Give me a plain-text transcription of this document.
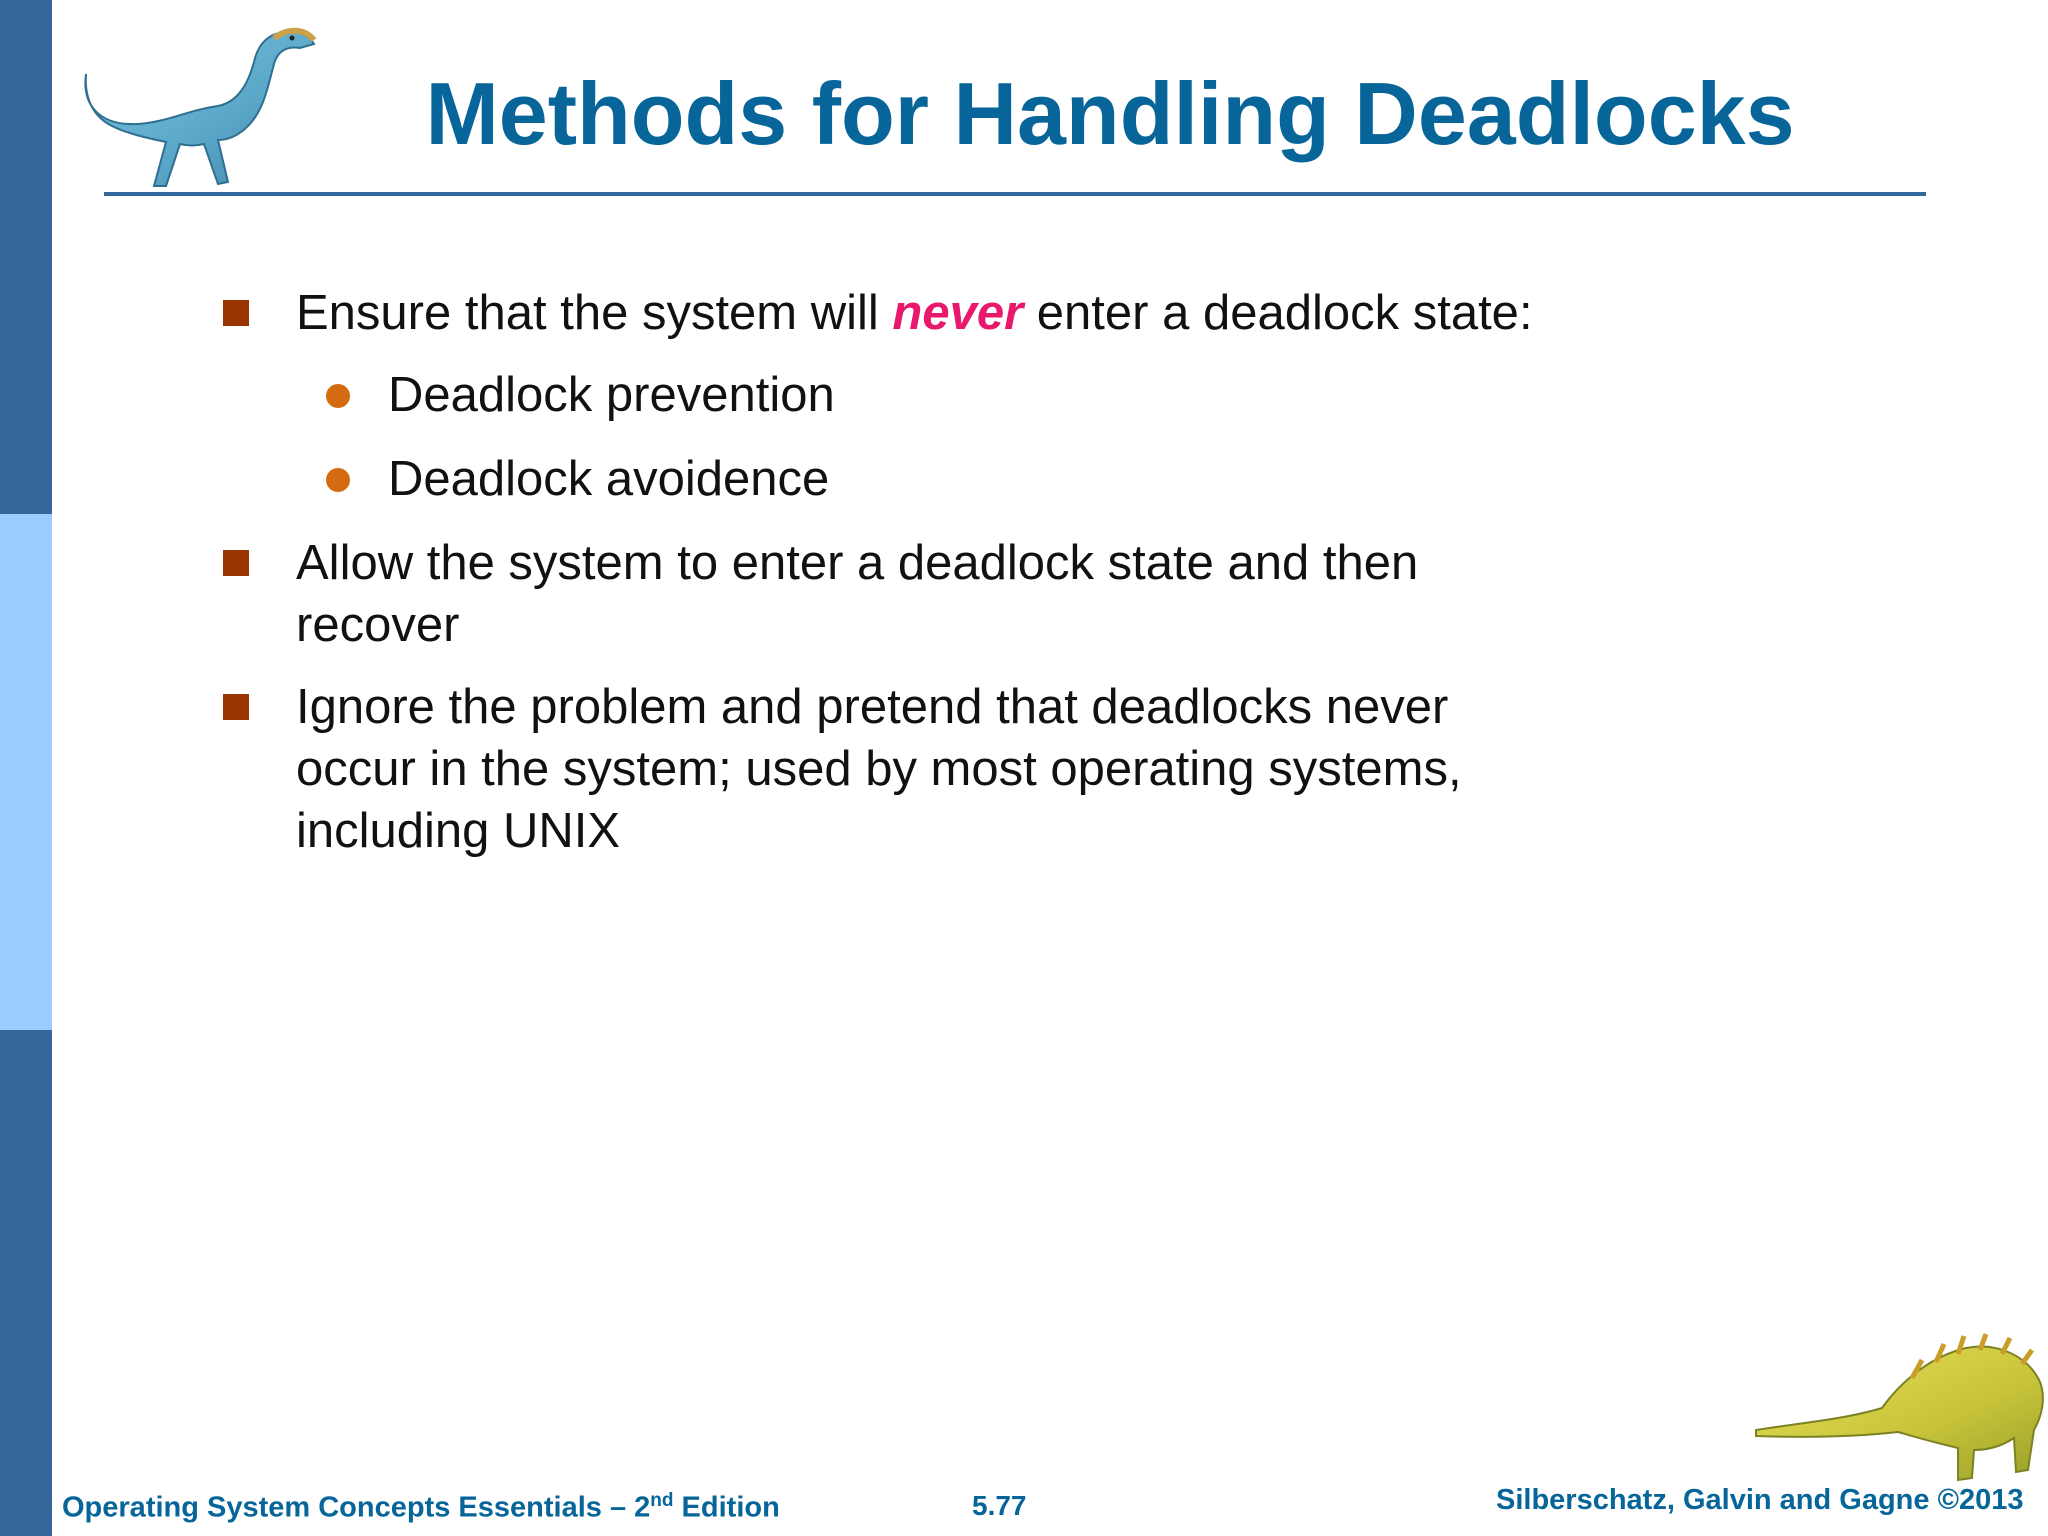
Methods for Handling Deadlocks
Ensure that the system will never enter a deadlock state:
Deadlock prevention
Deadlock avoidence
Allow the system to enter a deadlock state and then recover
Ignore the problem and pretend that deadlocks never occur in the system; used by most operating systems, including UNIX
Operating System Concepts Essentials – 2nd Edition	5.77	Silberschatz, Galvin and Gagne ©2013
